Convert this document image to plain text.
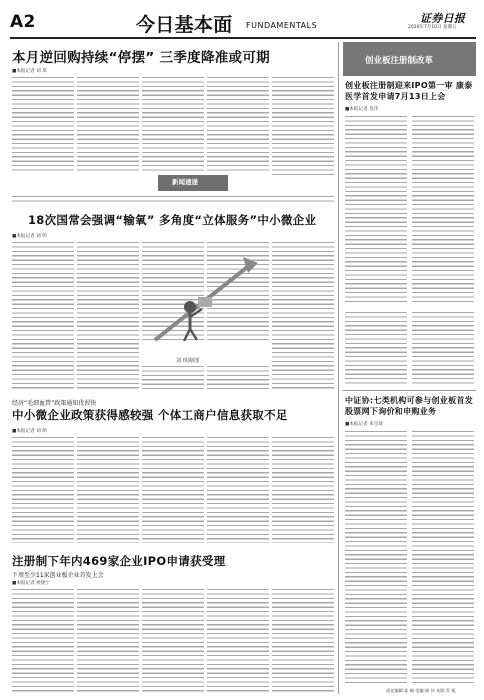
A2	今日基本面 FUNDAMENTALS
证券日报
2020年7月10日 星期五
本月逆回购持续“停摆” 三季度降准或可期
■本报记者 刘 琪
新闻速递
18次国常会强调“输氧” 多角度“立体服务”中小微企业
■本报记者 刘 萌
刘 琪/制图
经济“毛细血管”政策通知优渥快
中小微企业政策获得感较强 个体工商户信息获取不足
■本报记者 刘 萌
注册制下年内469家企业IPO申请获受理
下周至少11家创业板企业首发上会
■本报记者 侯捷宁
创业板注册制改革
创业板注册制迎来IPO第一审 康泰医学首发申请7月13日上会
■本报记者 肖伟
中证协:七类机构可参与创业板首发股票网下询价和申购业务
■本报记者 朱宝琛
责任编辑:姜 楠 美编:崔 伟 本版:乔 旭
